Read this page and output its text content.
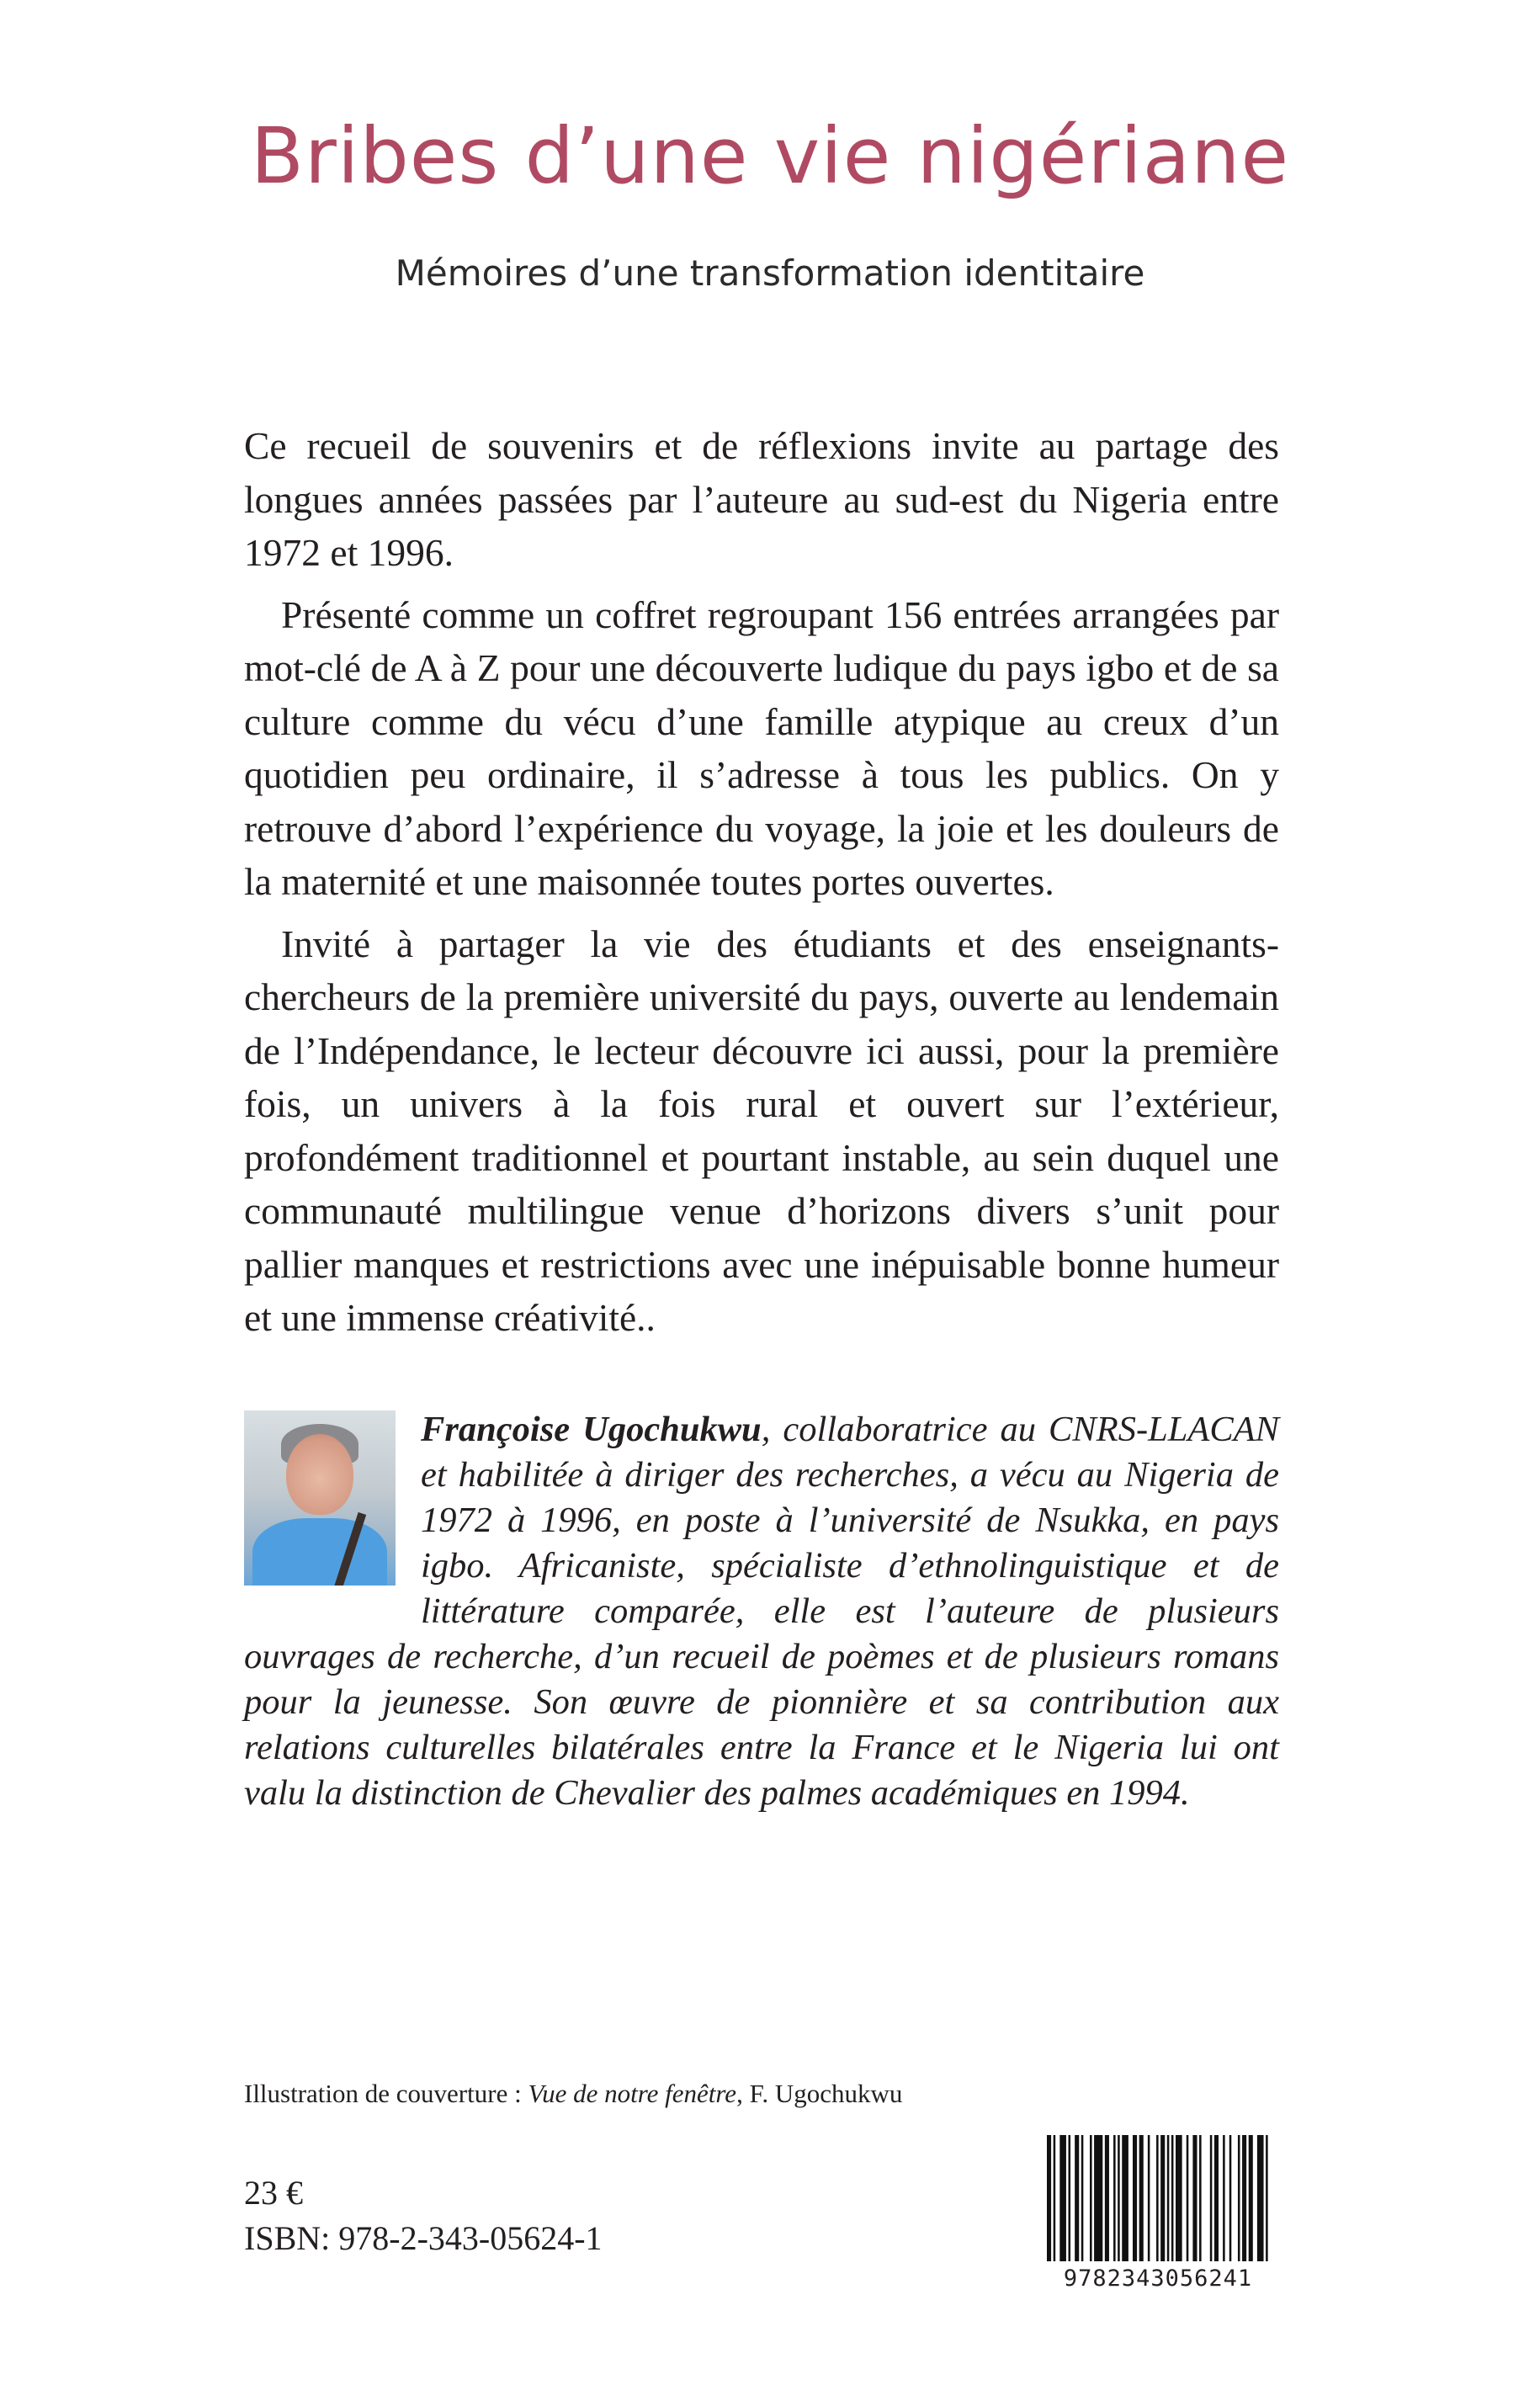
Bribes d’une vie nigériane
Mémoires d’une transformation identitaire

Ce recueil de souvenirs et de réflexions invite au partage des longues années passées par l’auteure au sud-est du Nigeria entre 1972 et 1996.

Présenté comme un coffret regroupant 156 entrées arrangées par mot-clé de A à Z pour une découverte ludique du pays igbo et de sa culture comme du vécu d’une famille atypique au creux d’un quotidien peu ordinaire, il s’adresse à tous les publics. On y retrouve d’abord l’expérience du voyage, la joie et les douleurs de la maternité et une maisonnée toutes portes ouvertes.

Invité à partager la vie des étudiants et des enseignants-chercheurs de la première université du pays, ouverte au lendemain de l’Indépendance, le lecteur découvre ici aussi, pour la première fois, un univers à la fois rural et ouvert sur l’extérieur, profondément traditionnel et pourtant instable, au sein duquel une communauté multilingue venue d’horizons divers s’unit pour pallier manques et restrictions avec une inépuisable bonne humeur et une immense créativité..

Françoise Ugochukwu, collaboratrice au CNRS-LLACAN et habilitée à diriger des recherches, a vécu au Nigeria de 1972 à 1996, en poste à l’université de Nsukka, en pays igbo. Africaniste, spécialiste d’ethnolinguistique et de littérature comparée, elle est l’auteure de plusieurs ouvrages de recherche, d’un recueil de poèmes et de plusieurs romans pour la jeunesse. Son œuvre de pionnière et sa contribution aux relations culturelles bilatérales entre la France et le Nigeria lui ont valu la distinction de Chevalier des palmes académiques en 1994.

Illustration de couverture : Vue de notre fenêtre, F. Ugochukwu
23 €
ISBN: 978-2-343-05624-1
9782343056241
